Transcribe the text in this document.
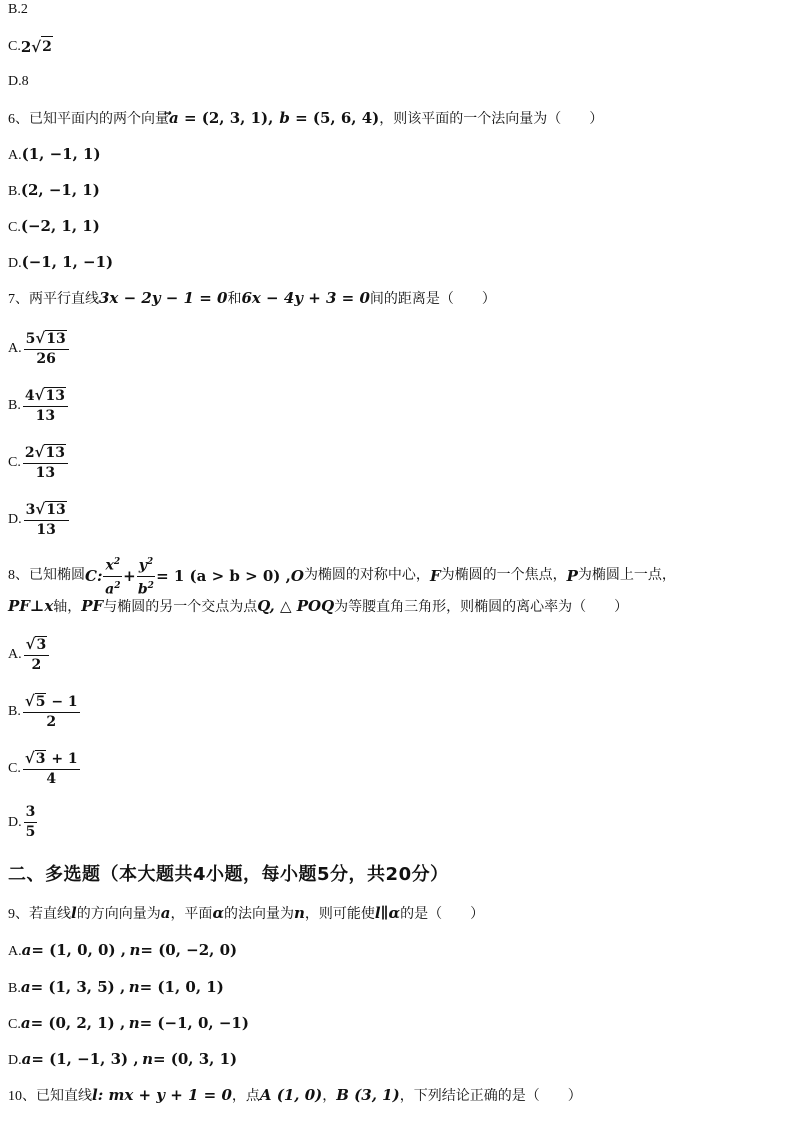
B.2
C. 2 √ 2
D.8
6、已知平面内的两个向量a = (2, 3, 1), b = (5, 6, 4)，则该平面的一个法向量为（　　）
A.(1, −1, 1)
B.(2, −1, 1)
C.(−2, 1, 1)
D.(−1, 1, −1)
7、两平行直线3x − 2y − 1 = 0和6x − 4y + 3 = 0间的距离是（　　）
A. $\frac{5√13}{26}$
B. $\frac{4√13}{13}$
C. $\frac{2√13}{13}$
D. $\frac{3√13}{13}$
8、已知椭圆 C: $\frac{x^2}{a^2} + \frac{y^2}{b^2} = 1$ (a > b > 0) , O 为椭圆的对称中心， F 为椭圆的一个焦点， P 为椭圆上一点，
PF⊥x轴，PF与椭圆的另一个交点为点Q, △ POQ为等腰直角三角形，则椭圆的离心率为（　　）
A. $\frac{√3}{2}$
B. $\frac{√5 - 1}{2}$
C. $\frac{√3 + 1}{4}$
D. $\frac{3}{5}$
二、多选题（本大题共4小题，每小题5分，共20分）
9、若直线l的方向向量为a，平面α的法向量为n，则可能使l∥α的是（　　）
A.a= (1, 0, 0) , n= (0, −2, 0)
B.a= (1, 3, 5) , n= (1, 0, 1)
C.a= (0, 2, 1) , n= (−1, 0, −1)
D.a= (1, −1, 3) , n= (0, 3, 1)
10、已知直线l: mx + y + 1 = 0，点A (1, 0)，B (3, 1)，下列结论正确的是（　　）
